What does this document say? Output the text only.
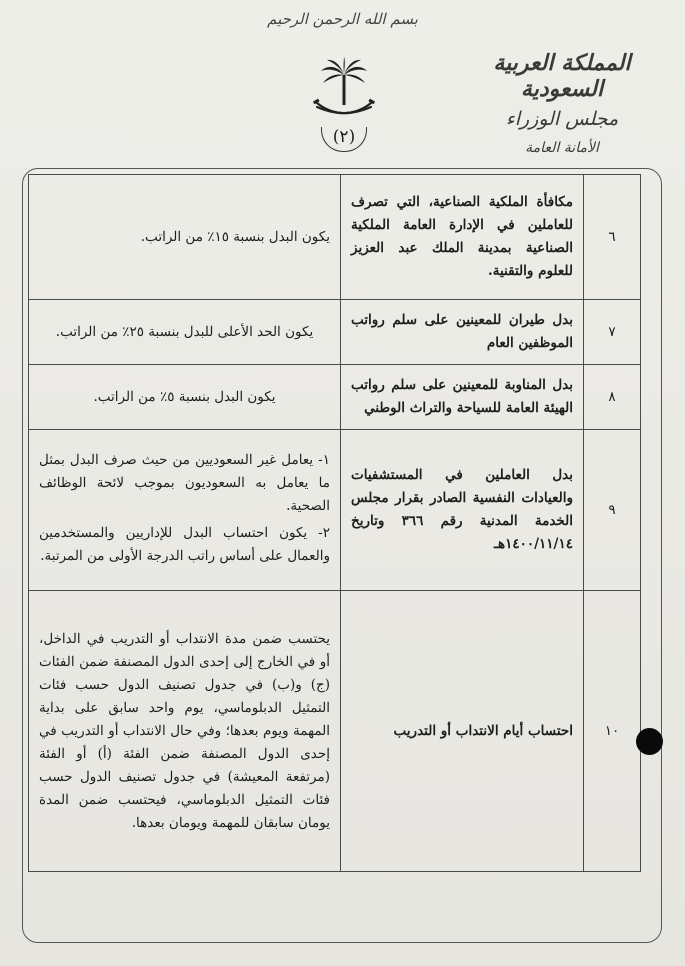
بسم الله الرحمن الرحيم
المملكة العربية السعودية
مجلس الوزراء
الأمانة العامة
(٢)
٦	مكافأة الملكية الصناعية، التي تصرف للعاملين في الإدارة العامة الملكية الصناعية بمدينة الملك عبد العزيز للعلوم والتقنية.	يكون البدل بنسبة ١٥٪ من الراتب.
٧	بدل طيران للمعينين على سلم رواتب الموظفين العام	يكون الحد الأعلى للبدل بنسبة ٢٥٪ من الراتب.
٨	بدل المناوبة للمعينين على سلم رواتب الهيئة العامة للسياحة والتراث الوطني	يكون البدل بنسبة ٥٪ من الراتب.
٩	بدل العاملين في المستشفيات والعيادات النفسية الصادر بقرار مجلس الخدمة المدنية رقم ٣٦٦ وتاريخ ١٤٠٠/١١/١٤هـ	١- يعامل غير السعوديين من حيث صرف البدل بمثل ما يعامل به السعوديون بموجب لائحة الوظائف الصحية.
٢- يكون احتساب البدل للإداريين والمستخدمين والعمال على أساس راتب الدرجة الأولى من المرتبة.

١٠	احتساب أيام الانتداب أو التدريب	يحتسب ضمن مدة الانتداب أو التدريب في الداخل، أو في الخارج إلى إحدى الدول المصنفة ضمن الفئات (ج) و(ب) في جدول تصنيف الدول حسب فئات التمثيل الدبلوماسي، يوم واحد سابق على بداية المهمة ويوم بعدها؛ وفي حال الانتداب أو التدريب في إحدى الدول المصنفة ضمن الفئة (أ) أو الفئة (مرتفعة المعيشة) في جدول تصنيف الدول حسب فئات التمثيل الدبلوماسي، فيحتسب ضمن المدة يومان سابقان للمهمة ويومان بعدها.
